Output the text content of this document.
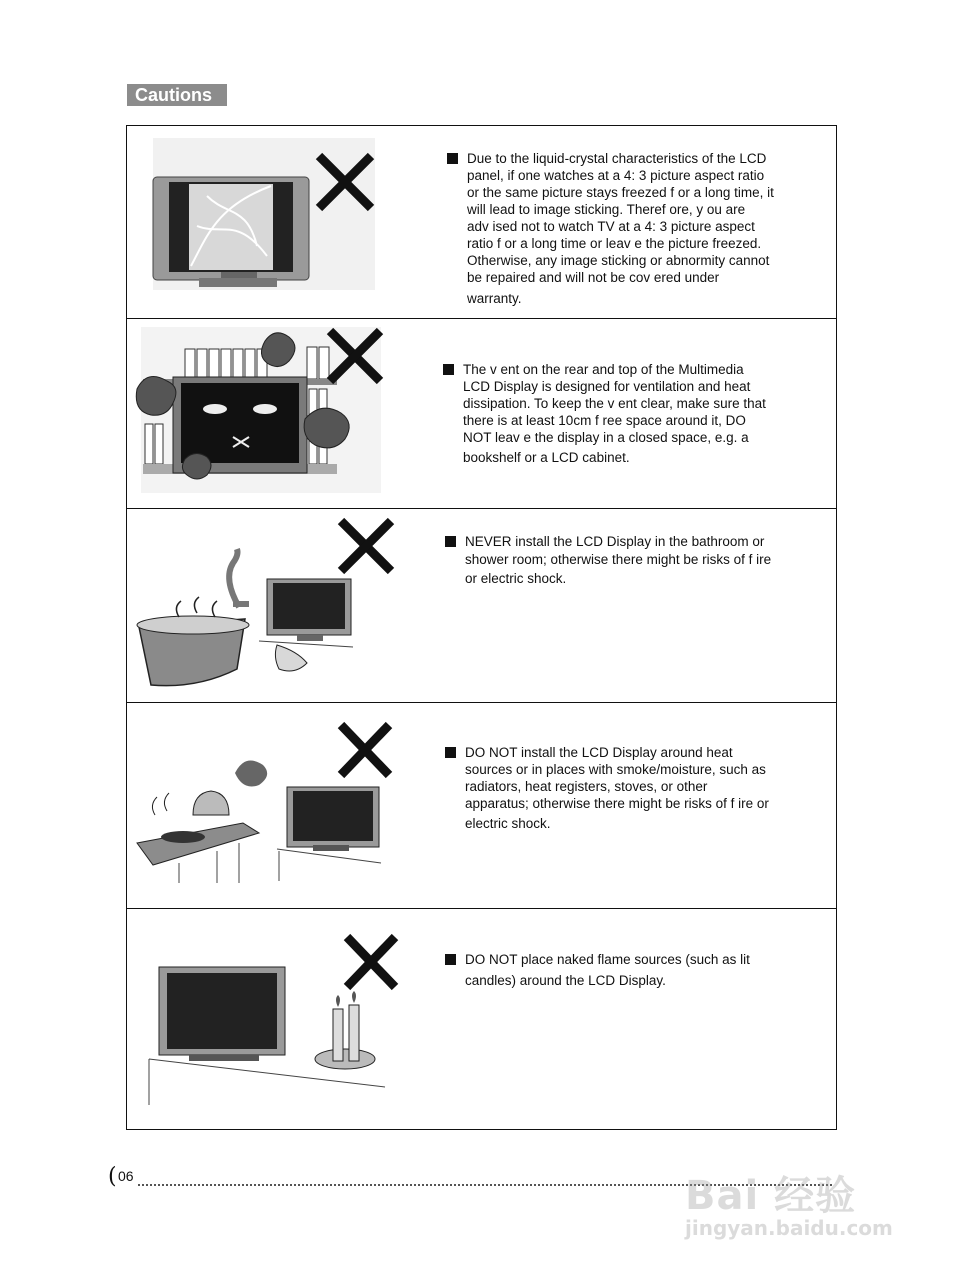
Cautions
Due to the liquid-crystal characteristics of the LCD
panel, if one watches at a 4: 3 picture aspect ratio
or the same picture stays freezed f or a long time, it
will lead to image sticking. Theref ore, y ou are
adv ised not to watch TV at a 4: 3 picture aspect
ratio f or a long time or leav e the picture freezed.
Otherwise, any image sticking or abnormity cannot
be repaired and will not be cov ered under
warranty.
The v ent on the rear and top of the Multimedia
LCD Display is designed for ventilation and heat
dissipation. To keep the v ent clear, make sure that
there is at least 10cm f ree space around it, DO
NOT leav e the display in a closed space, e.g. a
bookshelf or a LCD cabinet.
NEVER install the LCD Display in the bathroom or
shower room; otherwise there might be risks of f ire
or electric shock.
DO NOT install the LCD Display around heat
sources or in places with smoke/moisture, such as
radiators, heat registers, stoves, or other
apparatus; otherwise there might be risks of f ire or
electric shock.
DO NOT place naked flame sources (such as lit
candles) around the LCD Display.
( 06	Bai 经验
jingyan.baidu.com
